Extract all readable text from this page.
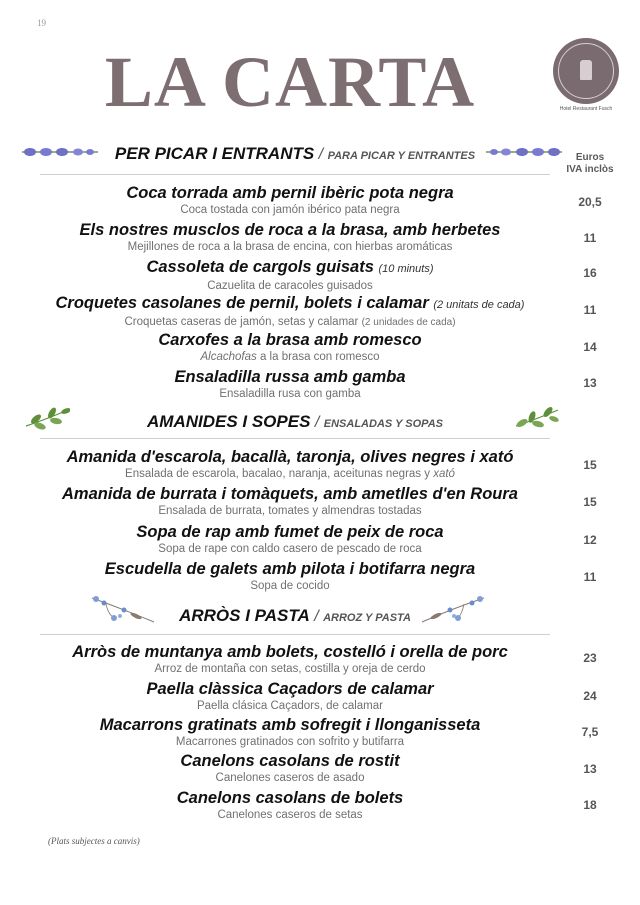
19
LA CARTA	Hotel Restaurant Fusch
Euros
IVA inclòs
PER PICAR I ENTRANTS / PARA PICAR Y ENTRANTES
Coca torrada amb pernil ibèric pota negra
Coca tostada con jamón ibérico pata negra
20,5
Els nostres musclos de roca a la brasa, amb herbetes
Mejillones de roca a la brasa de encina, con hierbas aromáticas
11
Cassoleta de cargols guisats (10 minuts)
Cazuelita de caracoles guisados
16
Croquetes casolanes de pernil, bolets i calamar (2 unitats de cada)
Croquetas caseras de jamón, setas y calamar (2 unidades de cada)
11
Carxofes a la brasa amb romesco
Alcachofas a la brasa con romesco
14
Ensaladilla russa amb gamba
Ensaladilla rusa con gamba
13
AMANIDES I SOPES / ENSALADAS Y SOPAS
Amanida d'escarola, bacallà, taronja, olives negres i xató
Ensalada de escarola, bacalao, naranja, aceitunas negras y xató
15
Amanida de burrata i tomàquets, amb ametlles d'en Roura
Ensalada de burrata, tomates y almendras tostadas
15
Sopa de rap amb fumet de peix de roca
Sopa de rape con caldo casero de pescado de roca
12
Escudella de galets amb pilota i botifarra negra
Sopa de cocido
11
ARRÒS I PASTA / ARROZ Y PASTA
Arròs de muntanya amb bolets, costelló i orella de porc
Arroz de montaña con setas, costilla y oreja de cerdo
23
Paella clàssica Caçadors de calamar
Paella clásica Caçadors, de calamar
24
Macarrons gratinats amb sofregit i llonganisseta
Macarrones gratinados con sofrito y butifarra
7,5
Canelons casolans de rostit
Canelones caseros de asado
13
Canelons casolans de bolets
Canelones caseros de setas
18
(Plats subjectes a canvis)
